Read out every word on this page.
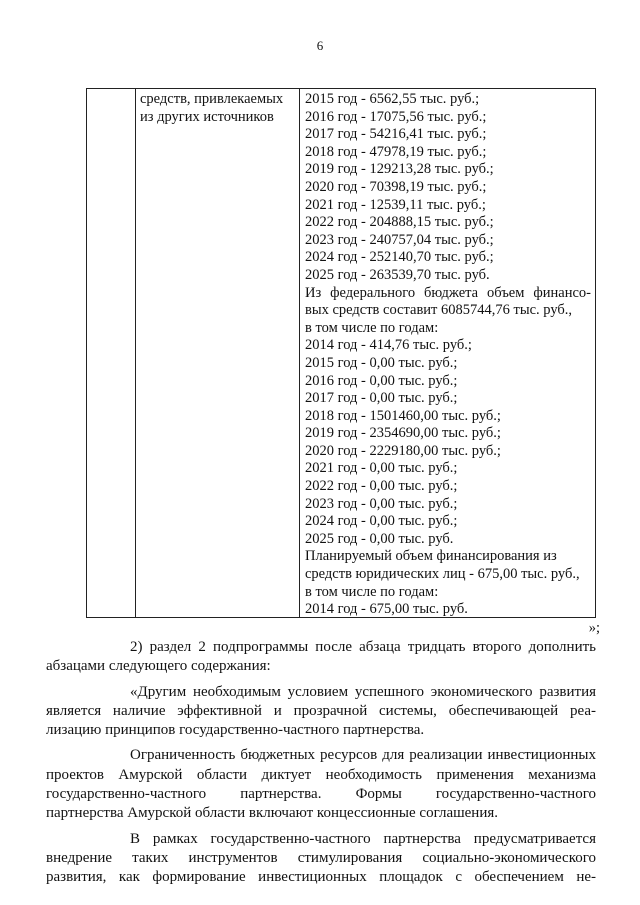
6
средств, привлекаемых
из других источников
2015 год - 6562,55 тыс. руб.;
2016 год - 17075,56 тыс. руб.;
2017 год - 54216,41 тыс. руб.;
2018 год - 47978,19 тыс. руб.;
2019 год - 129213,28 тыс. руб.;
2020 год - 70398,19 тыс. руб.;
2021 год - 12539,11 тыс. руб.;
2022 год - 204888,15 тыс. руб.;
2023 год - 240757,04 тыс. руб.;
2024 год - 252140,70 тыс. руб.;
2025 год - 263539,70 тыс. руб.
Из федерального бюджета объем финансо-
вых средств составит 6085744,76 тыс. руб.,
в том числе по годам:
2014 год - 414,76 тыс. руб.;
2015 год - 0,00 тыс. руб.;
2016 год - 0,00 тыс. руб.;
2017 год - 0,00 тыс. руб.;
2018 год - 1501460,00 тыс. руб.;
2019 год - 2354690,00 тыс. руб.;
2020 год - 2229180,00 тыс. руб.;
2021 год - 0,00 тыс. руб.;
2022 год - 0,00 тыс. руб.;
2023 год - 0,00 тыс. руб.;
2024 год - 0,00 тыс. руб.;
2025 год - 0,00 тыс. руб.
Планируемый объем финансирования из
средств юридических лиц - 675,00 тыс. руб.,
в том числе по годам:
2014 год - 675,00 тыс. руб.
»;

2) раздел 2 подпрограммы после абзаца тридцать второго дополнить
абзацами следующего содержания:

«Другим необходимым условием успешного экономического развития
является наличие эффективной и прозрачной системы, обеспечивающей реа-
лизацию принципов государственно-частного партнерства.

Ограниченность бюджетных ресурсов для реализации инвестиционных
проектов Амурской области диктует необходимость применения механизма
государственно-частного партнерства. Формы государственно-частного
партнерства Амурской области включают концессионные соглашения.

В рамках государственно-частного партнерства предусматривается
внедрение таких инструментов стимулирования социально-экономического
развития, как формирование инвестиционных площадок с обеспечением не-
